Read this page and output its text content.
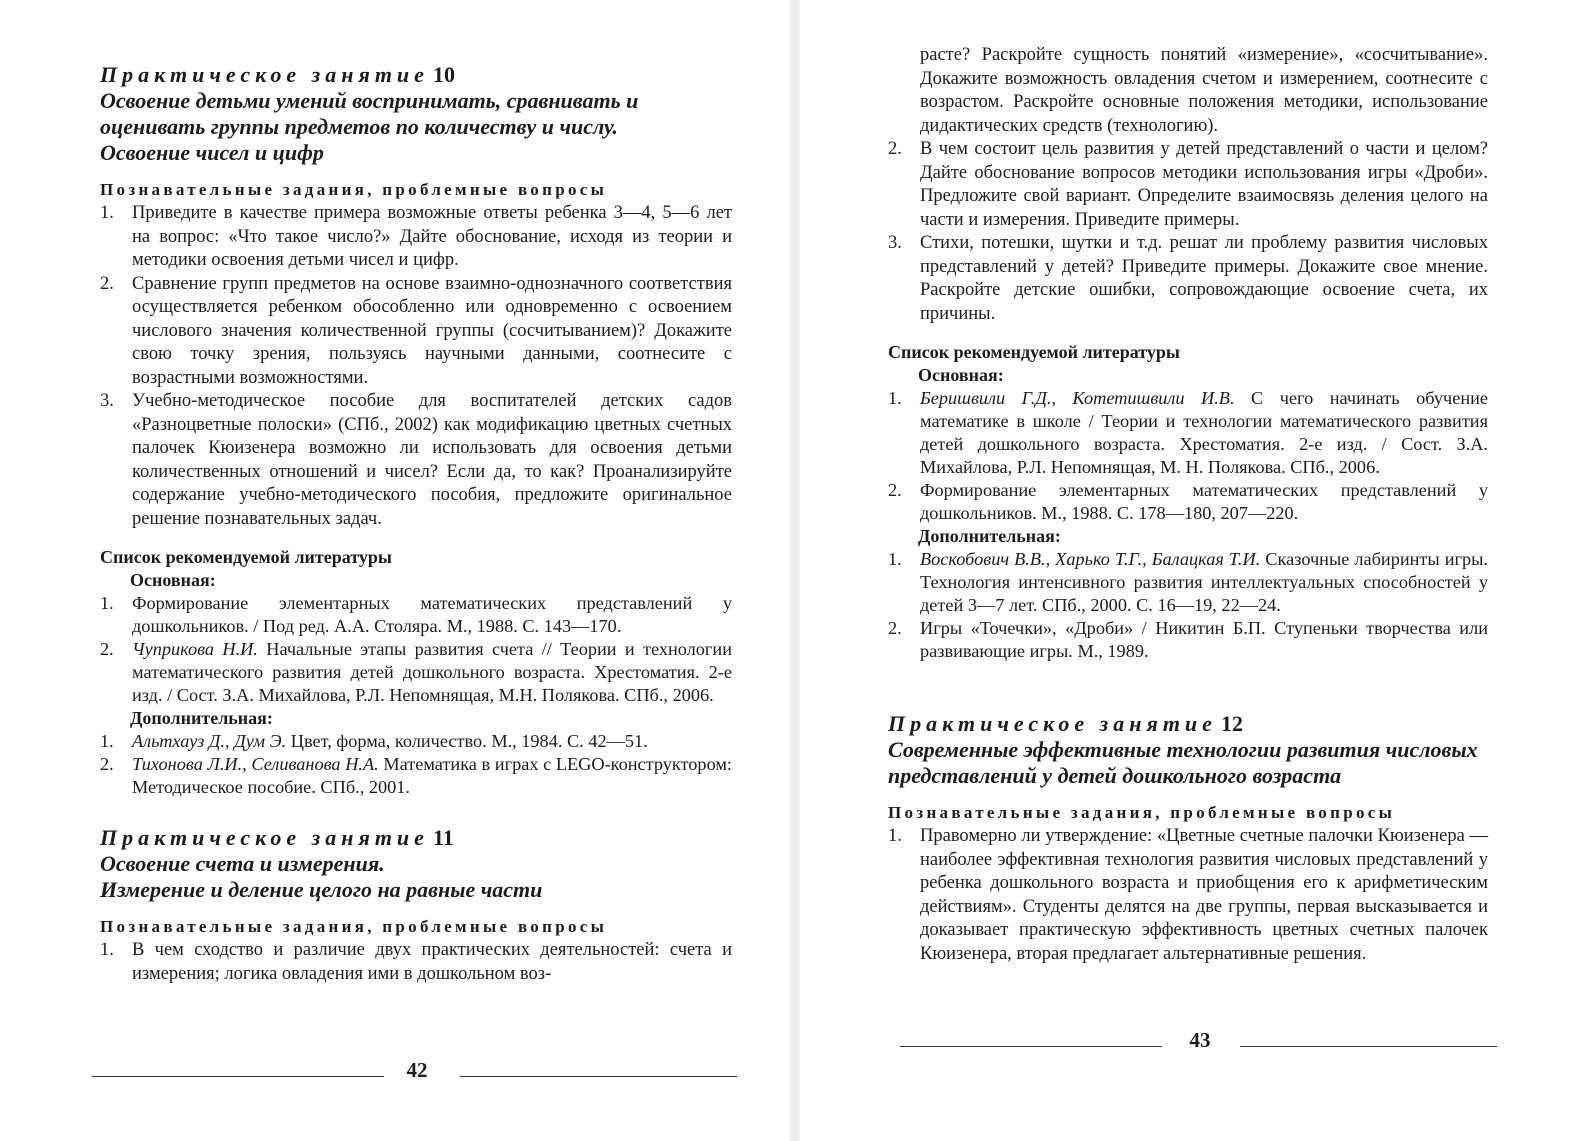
Практическое занятие 10
Освоение детьми умений воспринимать, сравнивать и оценивать группы предметов по количеству и числу. Освоение чисел и цифр
Познавательные задания, проблемные вопросы
1. Приведите в качестве примера возможные ответы ребенка 3—4, 5—6 лет на вопрос: «Что такое число?» Дайте обоснование, исходя из теории и методики освоения детьми чисел и цифр.
2. Сравнение групп предметов на основе взаимно-однозначного соответствия осуществляется ребенком обособленно или одновременно с освоением числового значения количественной группы (сосчитыванием)? Докажите свою точку зрения, пользуясь научными данными, соотнесите с возрастными возможностями.
3. Учебно-методическое пособие для воспитателей детских садов «Разноцветные полоски» (СПб., 2002) как модификацию цветных счетных палочек Кюизенера возможно ли использовать для освоения детьми количественных отношений и чисел? Если да, то как? Проанализируйте содержание учебно-методического пособия, предложите оригинальное решение познавательных задач.
Список рекомендуемой литературы
Основная:
1. Формирование элементарных математических представлений у дошкольников. / Под ред. А.А. Столяра. М., 1988. С. 143—170.
2. Чуприкова Н.И. Начальные этапы развития счета // Теории и технологии математического развития детей дошкольного возраста. Хрестоматия. 2-е изд. / Сост. З.А. Михайлова, Р.Л. Непомнящая, М.Н. Полякова. СПб., 2006.
Дополнительная:
1. Альтхауз Д., Дум Э. Цвет, форма, количество. М., 1984. С. 42—51.
2. Тихонова Л.И., Селиванова Н.А. Математика в играх с LEGO-конструктором: Методическое пособие. СПб., 2001.
Практическое занятие 11
Освоение счета и измерения.
Измерение и деление целого на равные части
Познавательные задания, проблемные вопросы
1. В чем сходство и различие двух практических деятельностей: счета и измерения; логика овладения ими в дошкольном воз-
42
расте? Раскройте сущность понятий «измерение», «сосчитывание». Докажите возможность овладения счетом и измерением, соотнесите с возрастом. Раскройте основные положения методики, использование дидактических средств (технологию).
2. В чем состоит цель развития у детей представлений о части и целом? Дайте обоснование вопросов методики использования игры «Дроби». Предложите свой вариант. Определите взаимосвязь деления целого на части и измерения. Приведите примеры.
3. Стихи, потешки, шутки и т.д. решат ли проблему развития числовых представлений у детей? Приведите примеры. Докажите свое мнение. Раскройте детские ошибки, сопровождающие освоение счета, их причины.
Список рекомендуемой литературы
Основная:
1. Беришвили Г.Д., Котетишвили И.В. С чего начинать обучение математике в школе / Теории и технологии математического развития детей дошкольного возраста. Хрестоматия. 2-е изд. / Сост. З.А. Михайлова, Р.Л. Непомнящая, М. Н. Полякова. СПб., 2006.
2. Формирование элементарных математических представлений у дошкольников. М., 1988. С. 178—180, 207—220.
Дополнительная:
1. Воскобович В.В., Харько Т.Г., Балацкая Т.И. Сказочные лабиринты игры. Технология интенсивного развития интеллектуальных способностей у детей 3—7 лет. СПб., 2000. С. 16—19, 22—24.
2. Игры «Точечки», «Дроби» / Никитин Б.П. Ступеньки творчества или развивающие игры. М., 1989.
Практическое занятие 12
Современные эффективные технологии развития числовых представлений у детей дошкольного возраста
Познавательные задания, проблемные вопросы
1. Правомерно ли утверждение: «Цветные счетные палочки Кюизенера — наиболее эффективная технология развития числовых представлений у ребенка дошкольного возраста и приобщения его к арифметическим действиям». Студенты делятся на две группы, первая высказывается и доказывает практическую эффективность цветных счетных палочек Кюизенера, вторая предлагает альтернативные решения.
43
